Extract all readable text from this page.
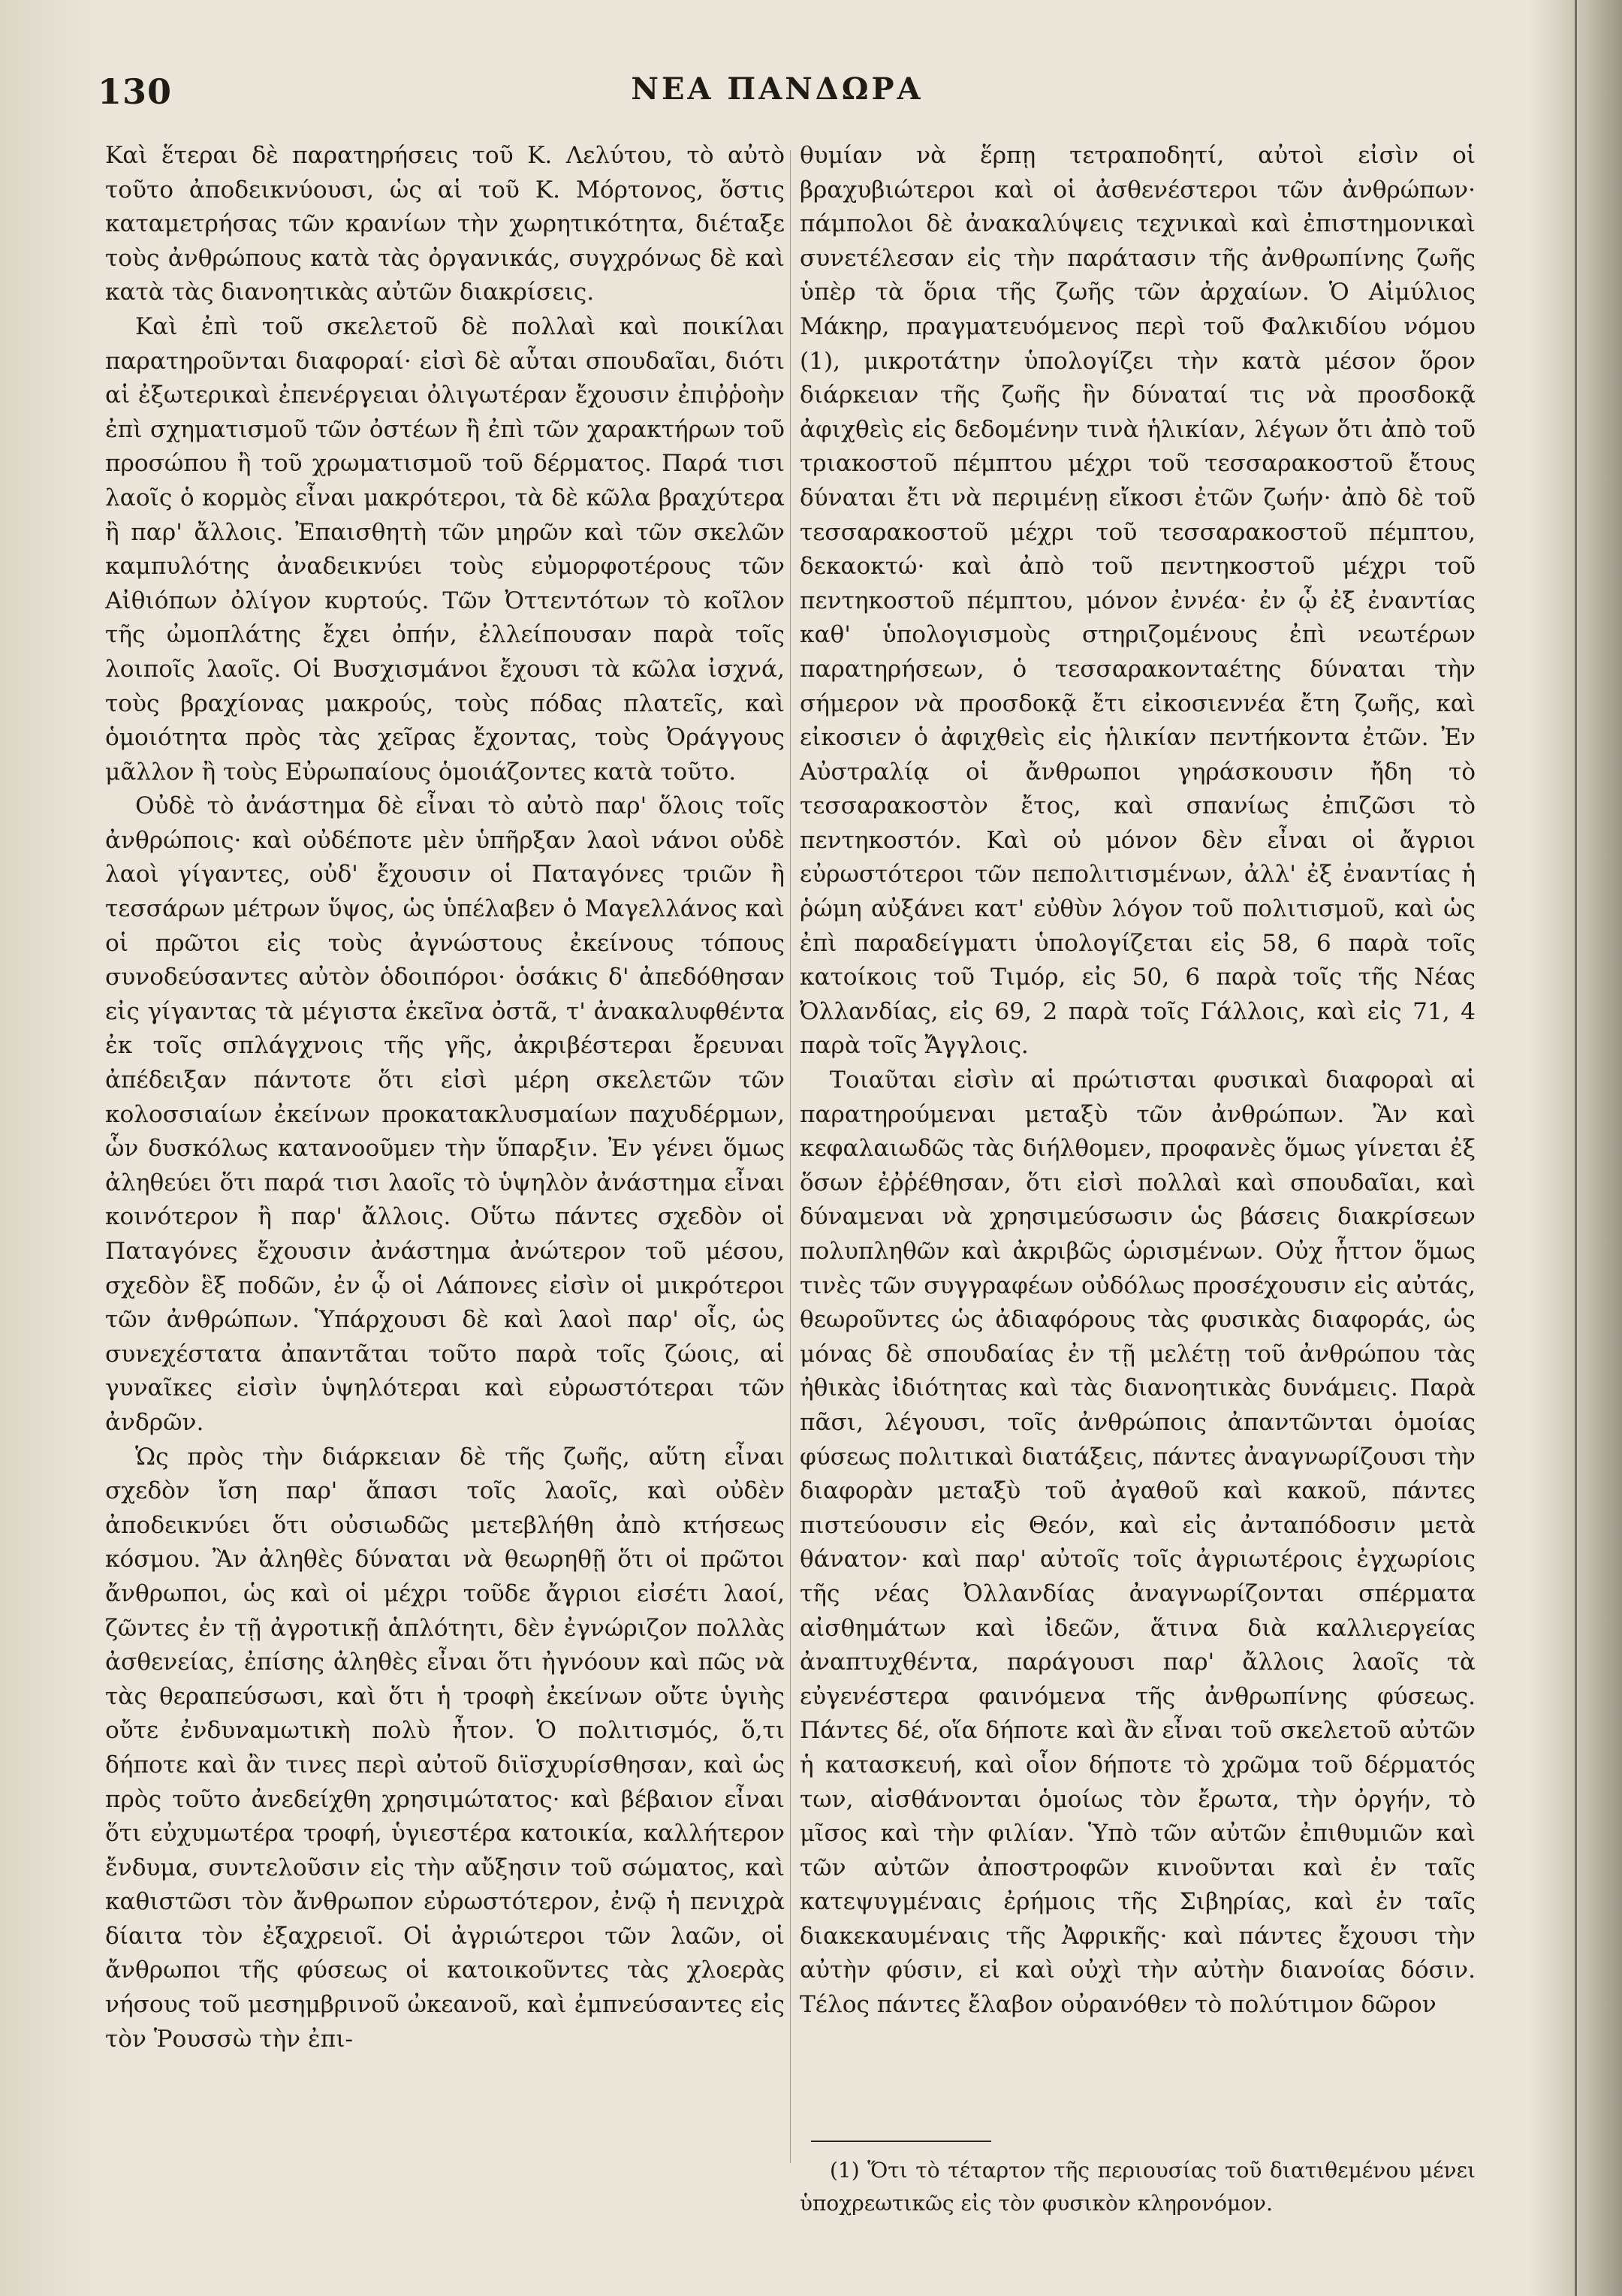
130	ΝΕΑ ΠΑΝΔΩΡΑ

Καὶ ἕτεραι δὲ παρατηρήσεις τοῦ Κ. Λελύτου, τὸ αὐτὸ τοῦτο ἀποδεικνύουσι, ὡς αἱ τοῦ Κ. Μόρτονος, ὅστις καταμετρήσας τῶν κρανίων τὴν χωρητικότητα, διέταξε τοὺς ἀνθρώπους κατὰ τὰς ὀργανικάς, συγχρόνως δὲ καὶ κατὰ τὰς διανοητικὰς αὐτῶν διακρίσεις.

Καὶ ἐπὶ τοῦ σκελετοῦ δὲ πολλαὶ καὶ ποικίλαι παρατηροῦνται διαφοραί· εἰσὶ δὲ αὗται σπουδαῖαι, διότι αἱ ἐξωτερικαὶ ἐπενέργειαι ὀλιγωτέραν ἔχουσιν ἐπιῤῥοὴν ἐπὶ σχηματισμοῦ τῶν ὀστέων ἢ ἐπὶ τῶν χαρακτήρων τοῦ προσώπου ἢ τοῦ χρωματισμοῦ τοῦ δέρματος. Παρά τισι λαοῖς ὁ κορμὸς εἶναι μακρότεροι, τὰ δὲ κῶλα βραχύτερα ἢ παρ' ἄλλοις. Ἐπαισθητὴ τῶν μηρῶν καὶ τῶν σκελῶν καμπυλότης ἀναδεικνύει τοὺς εὐμορφοτέρους τῶν Αἰθιόπων ὀλίγον κυρτούς. Τῶν Ὀττεντότων τὸ κοῖλον τῆς ὠμοπλάτης ἔχει ὀπήν, ἐλλείπουσαν παρὰ τοῖς λοιποῖς λαοῖς. Οἱ Βυσχισμάνοι ἔχουσι τὰ κῶλα ἰσχνά, τοὺς βραχίονας μακρούς, τοὺς πόδας πλατεῖς, καὶ ὁμοιότητα πρὸς τὰς χεῖρας ἔχοντας, τοὺς Ὀράγγους μᾶλλον ἢ τοὺς Εὐρωπαίους ὁμοιάζοντες κατὰ τοῦτο.

Οὐδὲ τὸ ἀνάστημα δὲ εἶναι τὸ αὐτὸ παρ' ὅλοις τοῖς ἀνθρώποις· καὶ οὐδέποτε μὲν ὑπῆρξαν λαοὶ νάνοι οὐδὲ λαοὶ γίγαντες, οὐδ' ἔχουσιν οἱ Παταγόνες τριῶν ἢ τεσσάρων μέτρων ὕψος, ὡς ὑπέλαβεν ὁ Μαγελλάνος καὶ οἱ πρῶτοι εἰς τοὺς ἀγνώστους ἐκείνους τόπους συνοδεύσαντες αὐτὸν ὁδοιπόροι· ὁσάκις δ' ἀπεδόθησαν εἰς γίγαντας τὰ μέγιστα ἐκεῖνα ὀστᾶ, τ' ἀνακαλυφθέντα ἐκ τοῖς σπλάγχνοις τῆς γῆς, ἀκριβέστεραι ἔρευναι ἀπέδειξαν πάντοτε ὅτι εἰσὶ μέρη σκελετῶν τῶν κολοσσιαίων ἐκείνων προκατακλυσμαίων παχυδέρμων, ὧν δυσκόλως κατανοοῦμεν τὴν ὕπαρξιν. Ἐν γένει ὅμως ἀληθεύει ὅτι παρά τισι λαοῖς τὸ ὑψηλὸν ἀνάστημα εἶναι κοινότερον ἢ παρ' ἄλλοις. Οὕτω πάντες σχεδὸν οἱ Παταγόνες ἔχουσιν ἀνάστημα ἀνώτερον τοῦ μέσου, σχεδὸν ἓξ ποδῶν, ἐν ᾧ οἱ Λάπονες εἰσὶν οἱ μικρότεροι τῶν ἀνθρώπων. Ὑπάρχουσι δὲ καὶ λαοὶ παρ' οἷς, ὡς συνεχέστατα ἀπαντᾶται τοῦτο παρὰ τοῖς ζώοις, αἱ γυναῖκες εἰσὶν ὑψηλότεραι καὶ εὐρωστότεραι τῶν ἀνδρῶν.

Ὡς πρὸς τὴν διάρκειαν δὲ τῆς ζωῆς, αὕτη εἶναι σχεδὸν ἴση παρ' ἅπασι τοῖς λαοῖς, καὶ οὐδὲν ἀποδεικνύει ὅτι οὐσιωδῶς μετεβλήθη ἀπὸ κτήσεως κόσμου. Ἂν ἀληθὲς δύναται νὰ θεωρηθῇ ὅτι οἱ πρῶτοι ἄνθρωποι, ὡς καὶ οἱ μέχρι τοῦδε ἄγριοι εἰσέτι λαοί, ζῶντες ἐν τῇ ἀγροτικῇ ἁπλότητι, δὲν ἐγνώριζον πολλὰς ἀσθενείας, ἐπίσης ἀληθὲς εἶναι ὅτι ἠγνόουν καὶ πῶς νὰ τὰς θεραπεύσωσι, καὶ ὅτι ἡ τροφὴ ἐκείνων οὔτε ὑγιὴς οὔτε ἐνδυναμωτικὴ πολὺ ἦτον. Ὁ πολιτισμός, ὅ,τι δήποτε καὶ ἂν τινες περὶ αὐτοῦ διϊσχυρίσθησαν, καὶ ὡς πρὸς τοῦτο ἀνεδείχθη χρησιμώτατος· καὶ βέβαιον εἶναι ὅτι εὐχυμωτέρα τροφή, ὑγιεστέρα κατοικία, καλλήτερον ἔνδυμα, συντελοῦσιν εἰς τὴν αὔξησιν τοῦ σώματος, καὶ καθιστῶσι τὸν ἄνθρωπον εὐρωστότερον, ἐνῷ ἡ πενιχρὰ δίαιτα τὸν ἐξαχρειοῖ. Οἱ ἀγριώτεροι τῶν λαῶν, οἱ ἄνθρωποι τῆς φύσεως οἱ κατοικοῦντες τὰς χλοερὰς νήσους τοῦ μεσημβρινοῦ ὠκεανοῦ, καὶ ἐμπνεύσαντες εἰς τὸν Ῥουσσὼ τὴν ἐπι-

θυμίαν νὰ ἕρπῃ τετραποδητί, αὐτοὶ εἰσὶν οἱ βραχυβιώτεροι καὶ οἱ ἀσθενέστεροι τῶν ἀνθρώπων· πάμπολοι δὲ ἀνακαλύψεις τεχνικαὶ καὶ ἐπιστημονικαὶ συνετέλεσαν εἰς τὴν παράτασιν τῆς ἀνθρωπίνης ζωῆς ὑπὲρ τὰ ὅρια τῆς ζωῆς τῶν ἀρχαίων. Ὁ Αἰμύλιος Μάκηρ, πραγματευόμενος περὶ τοῦ Φαλκιδίου νόμου (1), μικροτάτην ὑπολογίζει τὴν κατὰ μέσον ὅρον διάρκειαν τῆς ζωῆς ἣν δύναταί τις νὰ προσδοκᾷ ἀφιχθεὶς εἰς δεδομένην τινὰ ἡλικίαν, λέγων ὅτι ἀπὸ τοῦ τριακοστοῦ πέμπτου μέχρι τοῦ τεσσαρακοστοῦ ἔτους δύναται ἔτι νὰ περιμένῃ εἴκοσι ἐτῶν ζωήν· ἀπὸ δὲ τοῦ τεσσαρακοστοῦ μέχρι τοῦ τεσσαρακοστοῦ πέμπτου, δεκαοκτώ· καὶ ἀπὸ τοῦ πεντηκοστοῦ μέχρι τοῦ πεντηκοστοῦ πέμπτου, μόνον ἐννέα· ἐν ᾧ ἐξ ἐναντίας καθ' ὑπολογισμοὺς στηριζομένους ἐπὶ νεωτέρων παρατηρήσεων, ὁ τεσσαρακονταέτης δύναται τὴν σήμερον νὰ προσδοκᾷ ἔτι εἰκοσιεννέα ἔτη ζωῆς, καὶ εἰκοσιεν ὁ ἀφιχθεὶς εἰς ἡλικίαν πεντήκοντα ἐτῶν. Ἐν Αὐστραλίᾳ οἱ ἄνθρωποι γηράσκουσιν ἤδη τὸ τεσσαρακοστὸν ἔτος, καὶ σπανίως ἐπιζῶσι τὸ πεντηκοστόν. Καὶ οὐ μόνον δὲν εἶναι οἱ ἄγριοι εὐρωστότεροι τῶν πεπολιτισμένων, ἀλλ' ἐξ ἐναντίας ἡ ῥώμη αὐξάνει κατ' εὐθὺν λόγον τοῦ πολιτισμοῦ, καὶ ὡς ἐπὶ παραδείγματι ὑπολογίζεται εἰς 58, 6 παρὰ τοῖς κατοίκοις τοῦ Τιμόρ, εἰς 50, 6 παρὰ τοῖς τῆς Νέας Ὀλλανδίας, εἰς 69, 2 παρὰ τοῖς Γάλλοις, καὶ εἰς 71, 4 παρὰ τοῖς Ἄγγλοις.

Τοιαῦται εἰσὶν αἱ πρώτισται φυσικαὶ διαφοραὶ αἱ παρατηρούμεναι μεταξὺ τῶν ἀνθρώπων. Ἂν καὶ κεφαλαιωδῶς τὰς διήλθομεν, προφανὲς ὅμως γίνεται ἐξ ὅσων ἐῤῥέθησαν, ὅτι εἰσὶ πολλαὶ καὶ σπουδαῖαι, καὶ δύναμεναι νὰ χρησιμεύσωσιν ὡς βάσεις διακρίσεων πολυπληθῶν καὶ ἀκριβῶς ὡρισμένων. Οὐχ ἧττον ὅμως τινὲς τῶν συγγραφέων οὐδόλως προσέχουσιν εἰς αὐτάς, θεωροῦντες ὡς ἀδιαφόρους τὰς φυσικὰς διαφοράς, ὡς μόνας δὲ σπουδαίας ἐν τῇ μελέτῃ τοῦ ἀνθρώπου τὰς ἠθικὰς ἰδιότητας καὶ τὰς διανοητικὰς δυνάμεις. Παρὰ πᾶσι, λέγουσι, τοῖς ἀνθρώποις ἀπαντῶνται ὁμοίας φύσεως πολιτικαὶ διατάξεις, πάντες ἀναγνωρίζουσι τὴν διαφορὰν μεταξὺ τοῦ ἀγαθοῦ καὶ κακοῦ, πάντες πιστεύουσιν εἰς Θεόν, καὶ εἰς ἀνταπόδοσιν μετὰ θάνατον· καὶ παρ' αὐτοῖς τοῖς ἀγριωτέροις ἐγχωρίοις τῆς νέας Ὀλλανδίας ἀναγνωρίζονται σπέρματα αἰσθημάτων καὶ ἰδεῶν, ἅτινα διὰ καλλιεργείας ἀναπτυχθέντα, παράγουσι παρ' ἄλλοις λαοῖς τὰ εὐγενέστερα φαινόμενα τῆς ἀνθρωπίνης φύσεως. Πάντες δέ, οἵα δήποτε καὶ ἂν εἶναι τοῦ σκελετοῦ αὐτῶν ἡ κατασκευή, καὶ οἷον δήποτε τὸ χρῶμα τοῦ δέρματός των, αἰσθάνονται ὁμοίως τὸν ἔρωτα, τὴν ὀργήν, τὸ μῖσος καὶ τὴν φιλίαν. Ὑπὸ τῶν αὐτῶν ἐπιθυμιῶν καὶ τῶν αὐτῶν ἀποστροφῶν κινοῦνται καὶ ἐν ταῖς κατεψυγμέναις ἐρήμοις τῆς Σιβηρίας, καὶ ἐν ταῖς διακεκαυμέναις τῆς Ἀφρικῆς· καὶ πάντες ἔχουσι τὴν αὐτὴν φύσιν, εἰ καὶ οὐχὶ τὴν αὐτὴν διανοίας δόσιν. Τέλος πάντες ἔλαβον οὐρανόθεν τὸ πολύτιμον δῶρον

(1) Ὅτι τὸ τέταρτον τῆς περιουσίας τοῦ διατιθεμένου μένει ὑποχρεωτικῶς εἰς τὸν φυσικὸν κληρονόμον.
